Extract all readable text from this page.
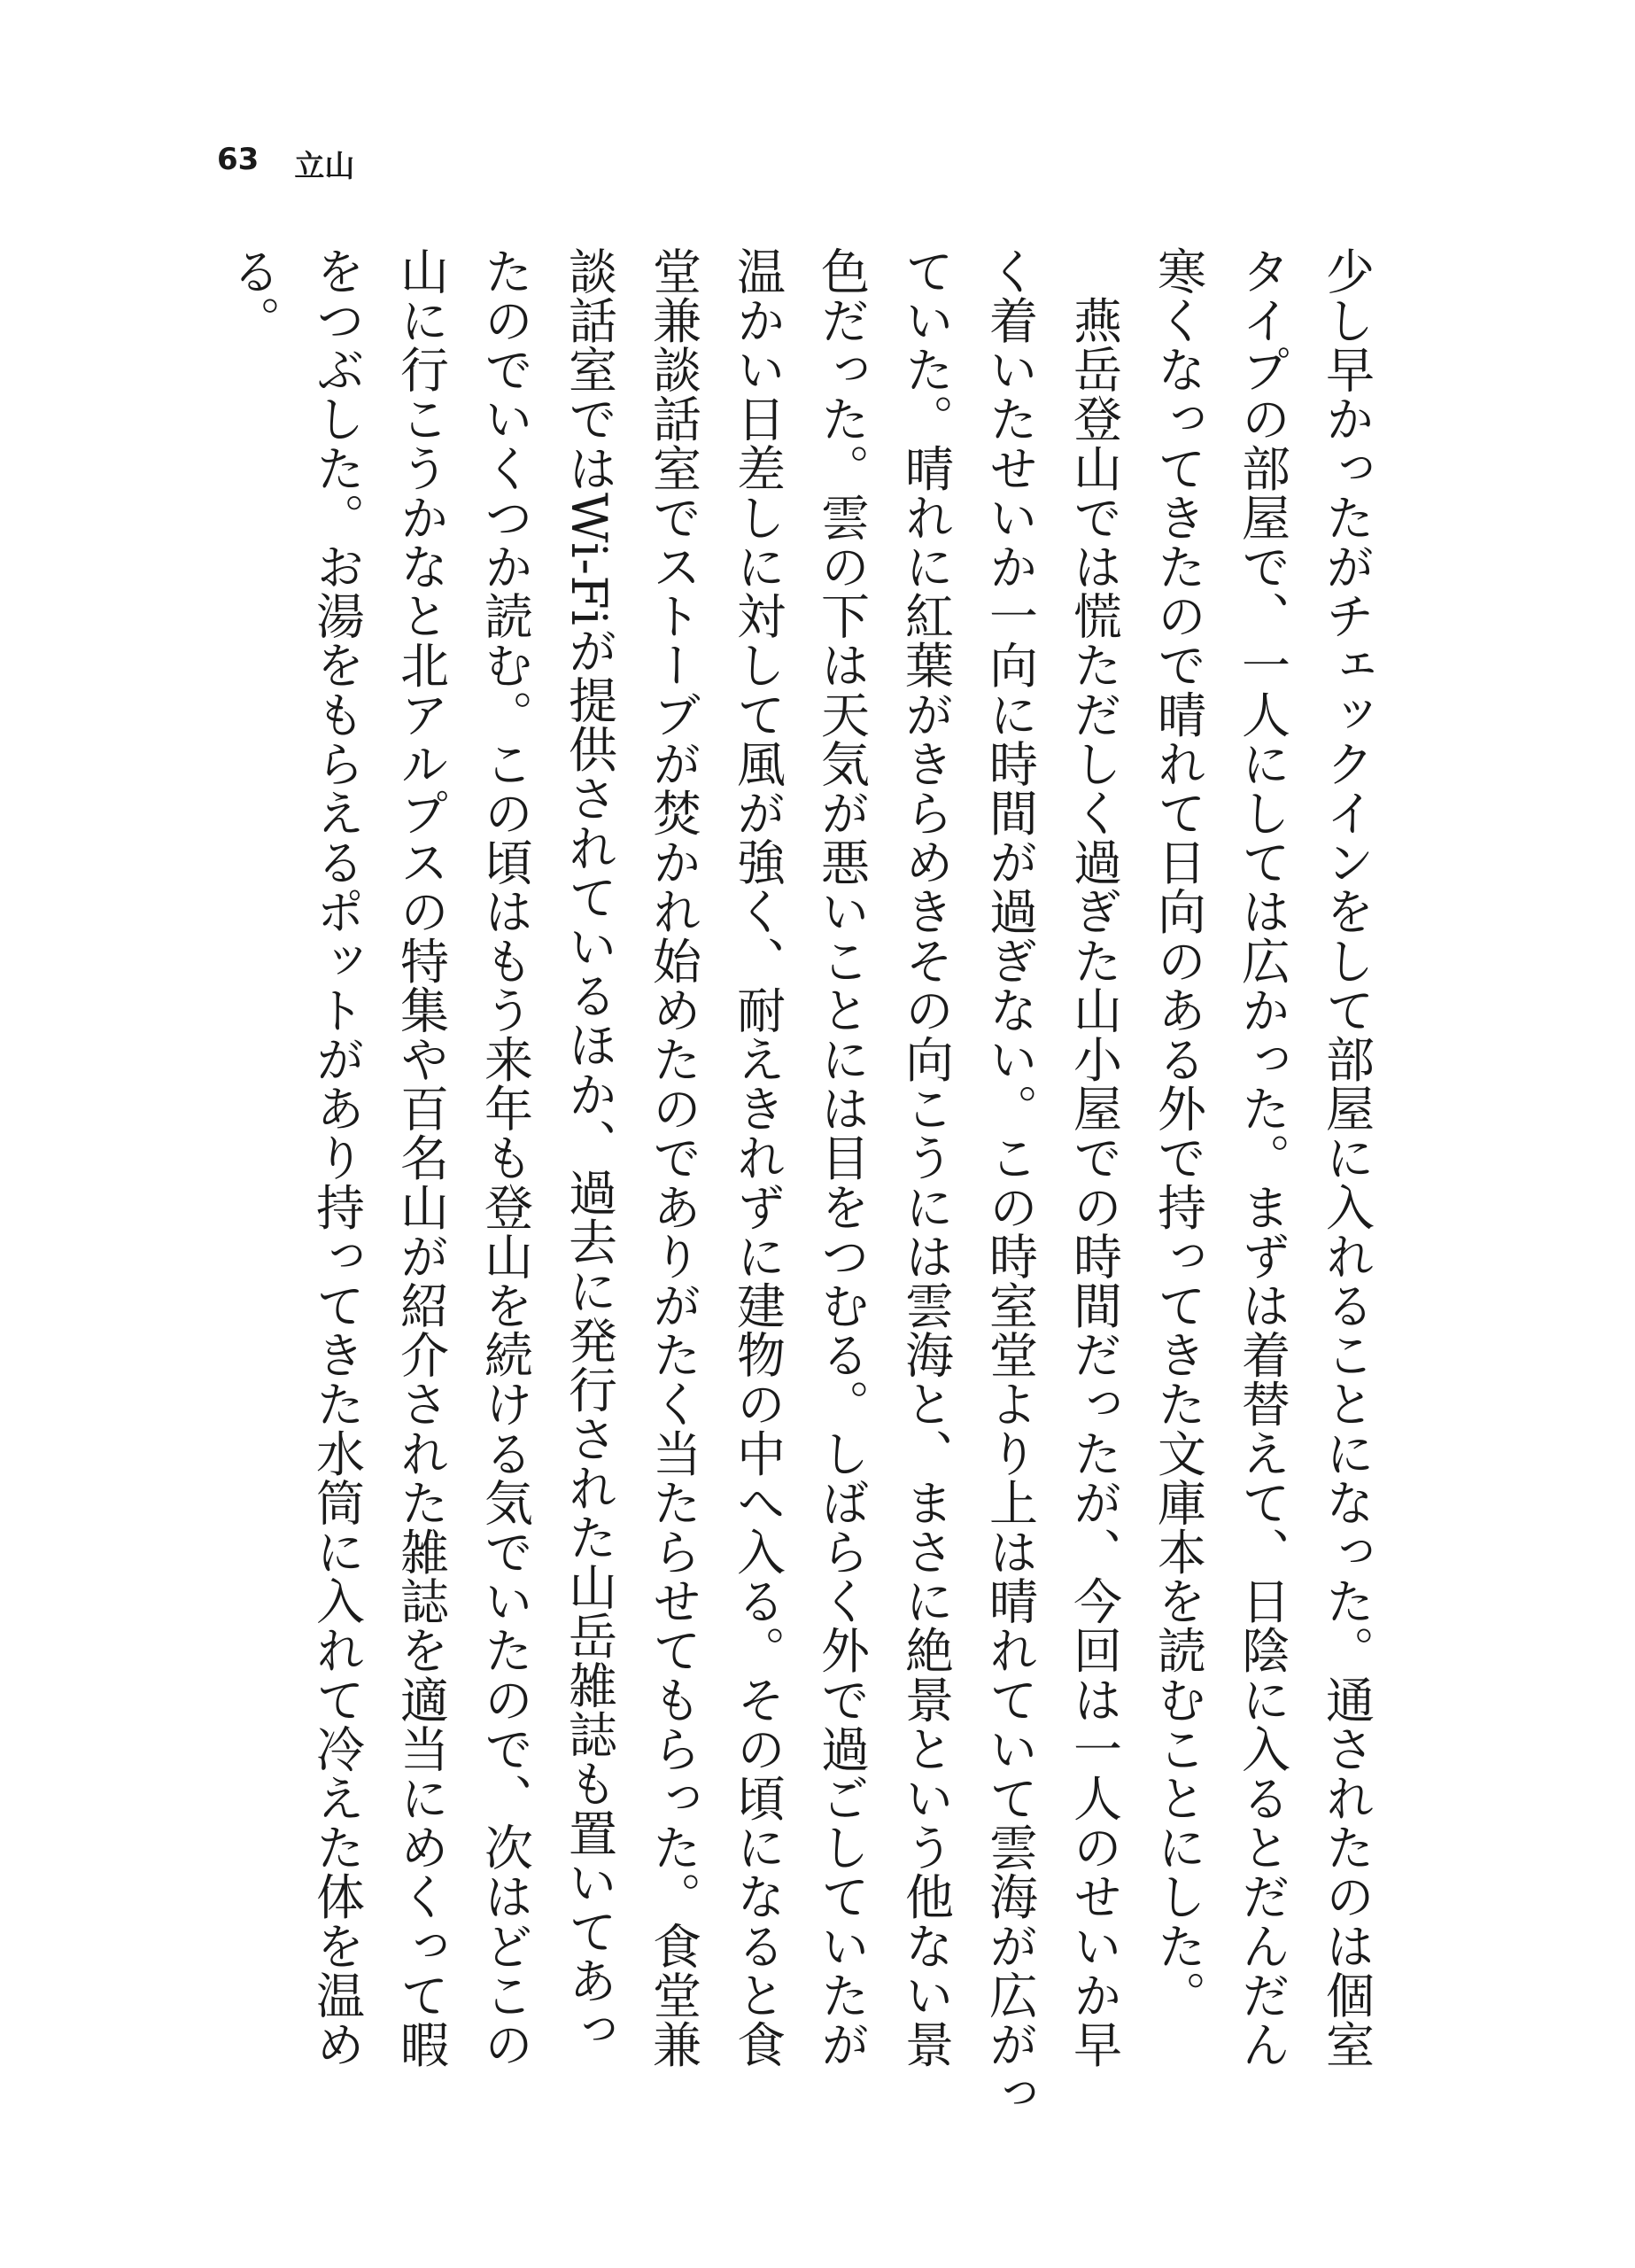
63 立山
少し早かったがチェックインをして部屋に入れることになった。通されたのは個室
タイプの部屋で、一人にしては広かった。まずは着替えて、日陰に入るとだんだん
寒くなってきたので晴れて日向のある外で持ってきた文庫本を読むことにした。
　燕岳登山では慌ただしく過ぎた山小屋での時間だったが、今回は一人のせいか早
く着いたせいか一向に時間が過ぎない。この時室堂より上は晴れていて雲海が広がっ
ていた。晴れに紅葉がきらめきその向こうには雲海と、まさに絶景という他ない景
色だった。雲の下は天気が悪いことには目をつむる。しばらく外で過ごしていたが
温かい日差しに対して風が強く、耐えきれずに建物の中へ入る。その頃になると食
堂兼談話室でストーブが焚かれ始めたのでありがたく当たらせてもらった。食堂兼
談話室ではWi-Fiが提供されているほか、過去に発行された山岳雑誌も置いてあっ
たのでいくつか読む。この頃はもう来年も登山を続ける気でいたので、次はどこの
山に行こうかなと北アルプスの特集や百名山が紹介された雑誌を適当にめくって暇
をつぶした。お湯をもらえるポットがあり持ってきた水筒に入れて冷えた体を温め
る。
